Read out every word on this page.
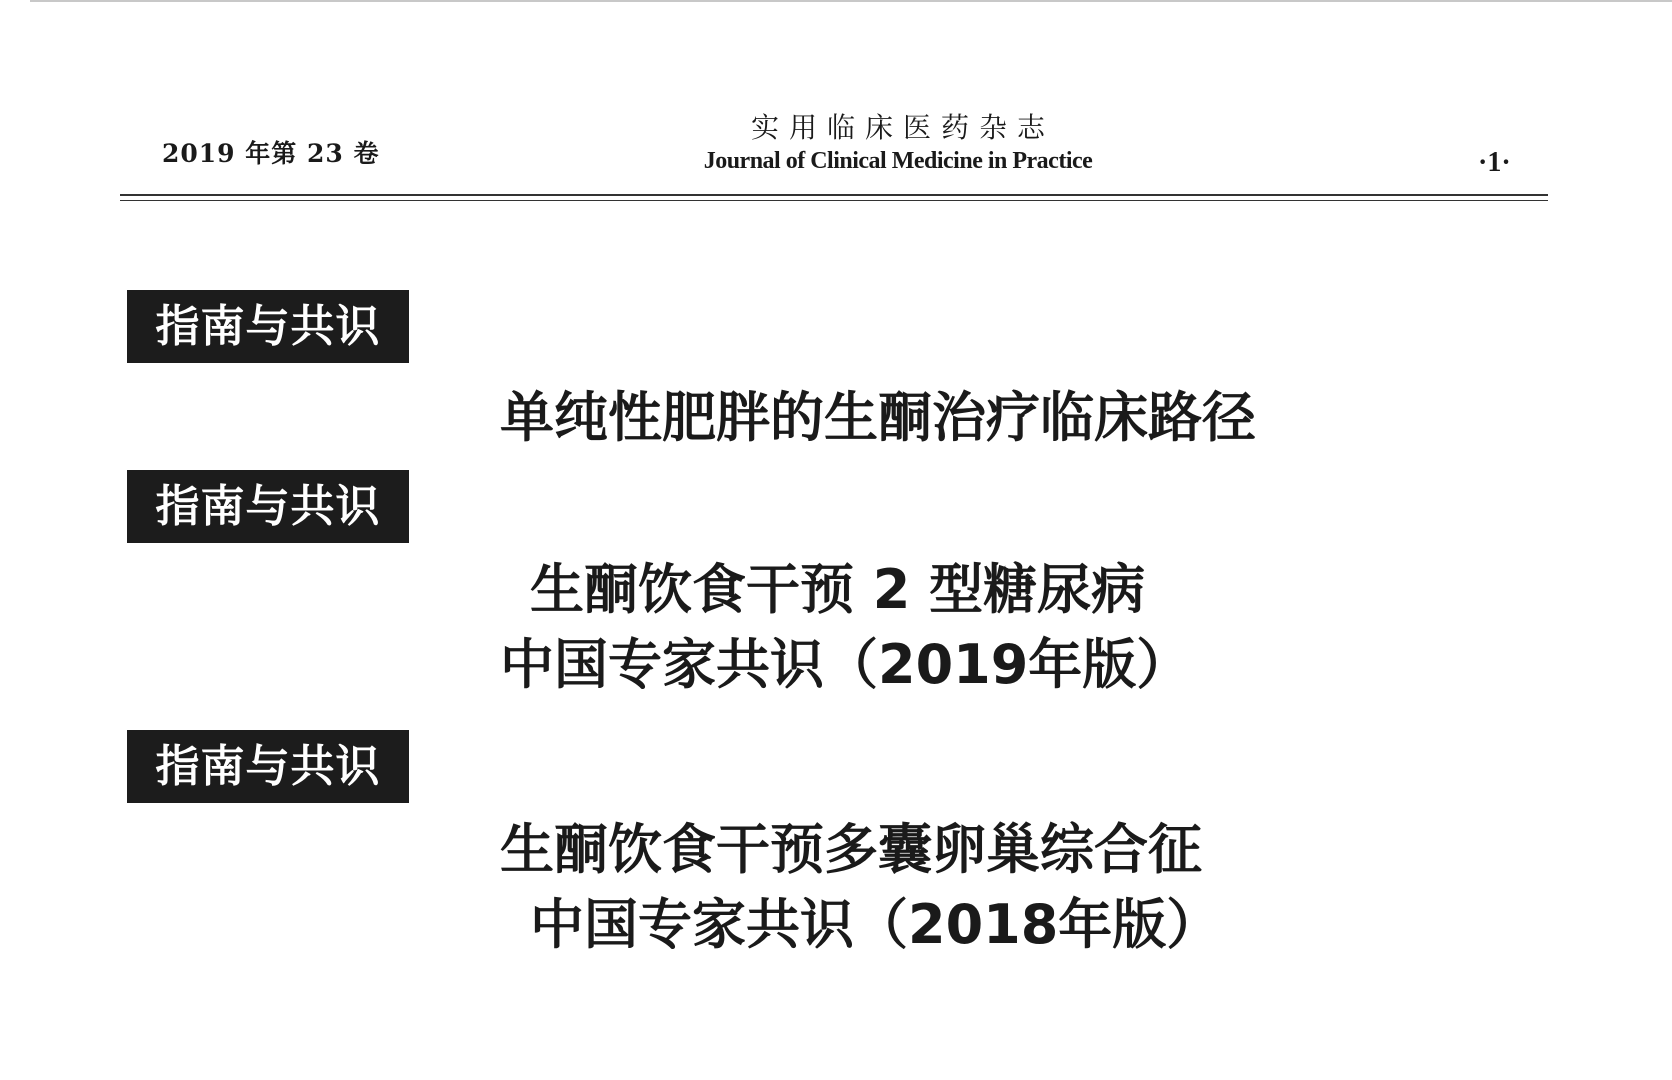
2019 年第 23 卷
实用临床医药杂志
Journal of Clinical Medicine in Practice	·1·
指南与共识
单纯性肥胖的生酮治疗临床路径
指南与共识
生酮饮食干预 2 型糖尿病
中国专家共识（2019年版）
指南与共识
生酮饮食干预多囊卵巢综合征
中国专家共识（2018年版）
